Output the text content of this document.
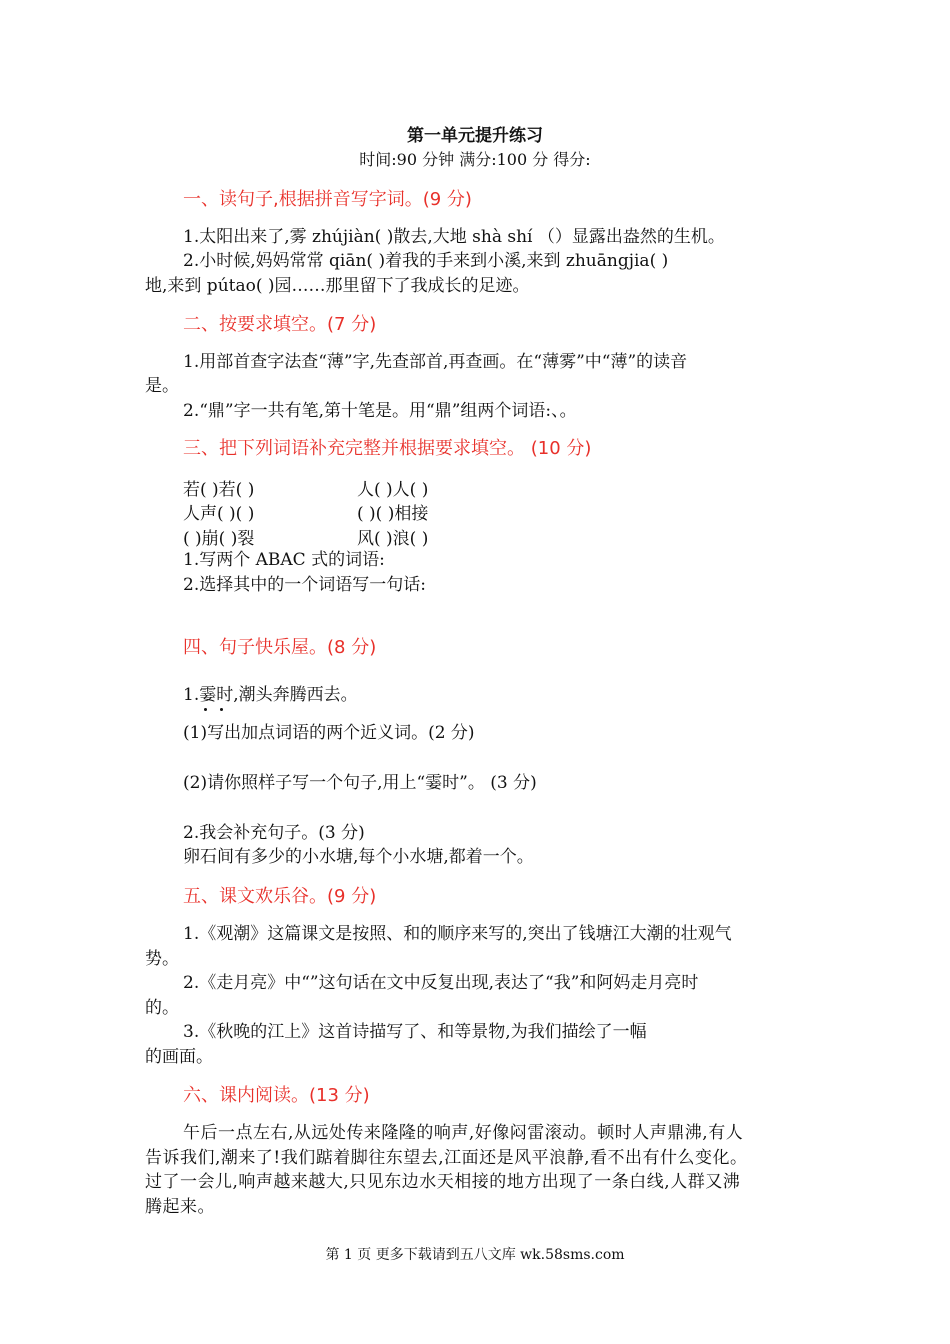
第一单元提升练习
时间:90 分钟 满分:100 分 得分:
一、读句子,根据拼音写字词。(9 分)
1.太阳出来了,雾 zhújiàn( )散去,大地 shà shí （）显露出盎然的生机。
2.小时候,妈妈常常 qiān( )着我的手来到小溪,来到 zhuāngjia( )
地,来到 pútao( )园……那里留下了我成长的足迹。
二、按要求填空。(7 分)
1.用部首查字法查“薄”字,先查部首,再查画。在“薄雾”中“薄”的读音
是。
2.“鼎”字一共有笔,第十笔是。用“鼎”组两个词语:、。
三、把下列词语补充完整并根据要求填空。 (10 分)
若( )若( )	人( )人( )
人声( )( )	( )( )相接
( )崩( )裂	风( )浪( )
1.写两个 ABAC 式的词语:
2.选择其中的一个词语写一句话:
四、句子快乐屋。(8 分)
1.霎时,潮头奔腾西去。
(1)写出加点词语的两个近义词。(2 分)
(2)请你照样子写一个句子,用上“霎时”。 (3 分)
2.我会补充句子。(3 分)
卵石间有多少的小水塘,每个小水塘,都着一个。
五、课文欢乐谷。(9 分)
1.《观潮》这篇课文是按照、和的顺序来写的,突出了钱塘江大潮的壮观气
势。
2.《走月亮》中“”这句话在文中反复出现,表达了“我”和阿妈走月亮时
的。
3.《秋晚的江上》这首诗描写了、和等景物,为我们描绘了一幅
的画面。
六、课内阅读。(13 分)
午后一点左右,从远处传来隆隆的响声,好像闷雷滚动。顿时人声鼎沸,有人
告诉我们,潮来了!我们踮着脚往东望去,江面还是风平浪静,看不出有什么变化。
过了一会儿,响声越来越大,只见东边水天相接的地方出现了一条白线,人群又沸
腾起来。
第 1 页 更多下载请到五八文库 wk.58sms.com
